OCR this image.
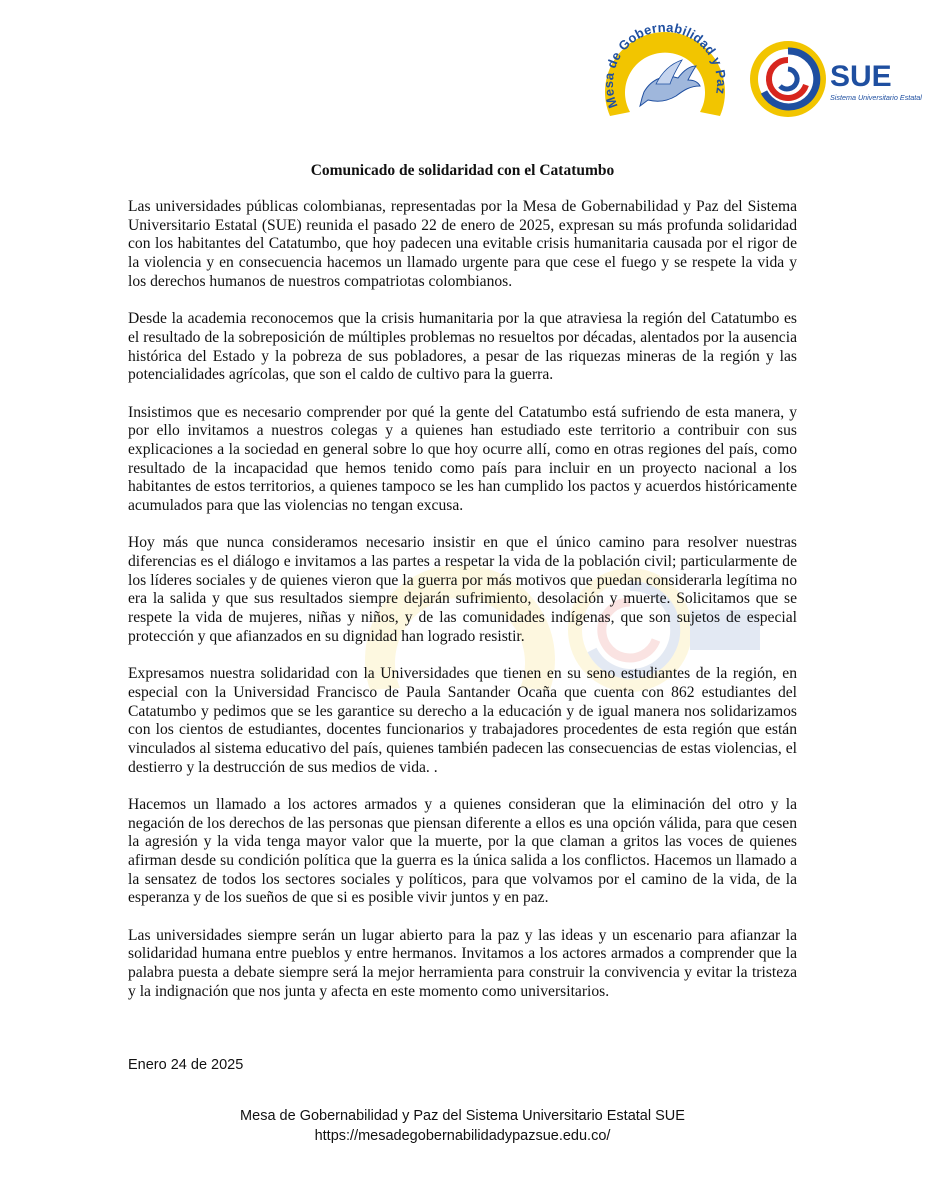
Mesa de Gobernabilidad y Paz	SUE
Sistema Universitario Estatal
Comunicado de solidaridad con el Catatumbo

Las universidades públicas colombianas, representadas por la Mesa de Gobernabilidad y Paz del Sistema Universitario Estatal (SUE) reunida el pasado 22 de enero de 2025, expresan su más profunda solidaridad con los habitantes del Catatumbo, que hoy padecen una evitable crisis humanitaria causada por el rigor de la violencia y en consecuencia hacemos un llamado urgente para que cese el fuego y se respete la vida y los derechos humanos de nuestros compatriotas colombianos.

Desde la academia reconocemos que la crisis humanitaria por la que atraviesa la región del Catatumbo es el resultado de la sobreposición de múltiples problemas no resueltos por décadas, alentados por la ausencia histórica del Estado y la pobreza de sus pobladores, a pesar de las riquezas mineras de la región y las potencialidades agrícolas, que son el caldo de cultivo para la guerra.

Insistimos que es necesario comprender por qué la gente del Catatumbo está sufriendo de esta manera, y por ello invitamos a nuestros colegas y a quienes han estudiado este territorio a contribuir con sus explicaciones a la sociedad en general sobre lo que hoy ocurre allí, como en otras regiones del país, como resultado de la incapacidad que hemos tenido como país para incluir en un proyecto nacional a los habitantes de estos territorios, a quienes tampoco se les han cumplido los pactos y acuerdos históricamente acumulados para que las violencias no tengan excusa.

Hoy más que nunca consideramos necesario insistir en que el único camino para resolver nuestras diferencias es el diálogo e invitamos a las partes a respetar la vida de la población civil; particularmente de los líderes sociales y de quienes vieron que la guerra por más motivos que puedan considerarla legítima no era la salida y que sus resultados siempre dejarán sufrimiento, desolación y muerte. Solicitamos que se respete la vida de mujeres, niñas y niños, y de las comunidades indígenas, que son sujetos de especial protección y que afianzados en su dignidad han logrado resistir.

Expresamos nuestra solidaridad con la Universidades que tienen en su seno estudiantes de la región, en especial con la Universidad Francisco de Paula Santander Ocaña que cuenta con 862 estudiantes del Catatumbo y pedimos que se les garantice su derecho a la educación y de igual manera nos solidarizamos con los cientos de estudiantes, docentes funcionarios y trabajadores procedentes de esta región que están vinculados al sistema educativo del país, quienes también padecen las consecuencias de estas violencias, el destierro y la destrucción de sus medios de vida. .

Hacemos un llamado a los actores armados y a quienes consideran que la eliminación del otro y la negación de los derechos de las personas que piensan diferente a ellos es una opción válida, para que cesen la agresión y la vida tenga mayor valor que la muerte, por la que claman a gritos las voces de quienes afirman desde su condición política que la guerra es la única salida a los conflictos. Hacemos un llamado a la sensatez de todos los sectores sociales y políticos, para que volvamos por el camino de la vida, de la esperanza y de los sueños de que si es posible vivir juntos y en paz.

Las universidades siempre serán un lugar abierto para la paz y las ideas y un escenario para afianzar la solidaridad humana entre pueblos y entre hermanos. Invitamos a los actores armados a comprender que la palabra puesta a debate siempre será la mejor herramienta para construir la convivencia y evitar la tristeza y la indignación que nos junta y afecta en este momento como universitarios.

Enero 24 de 2025

Mesa de Gobernabilidad y Paz del Sistema Universitario Estatal SUE
https://mesadegobernabilidadypazsue.edu.co/
